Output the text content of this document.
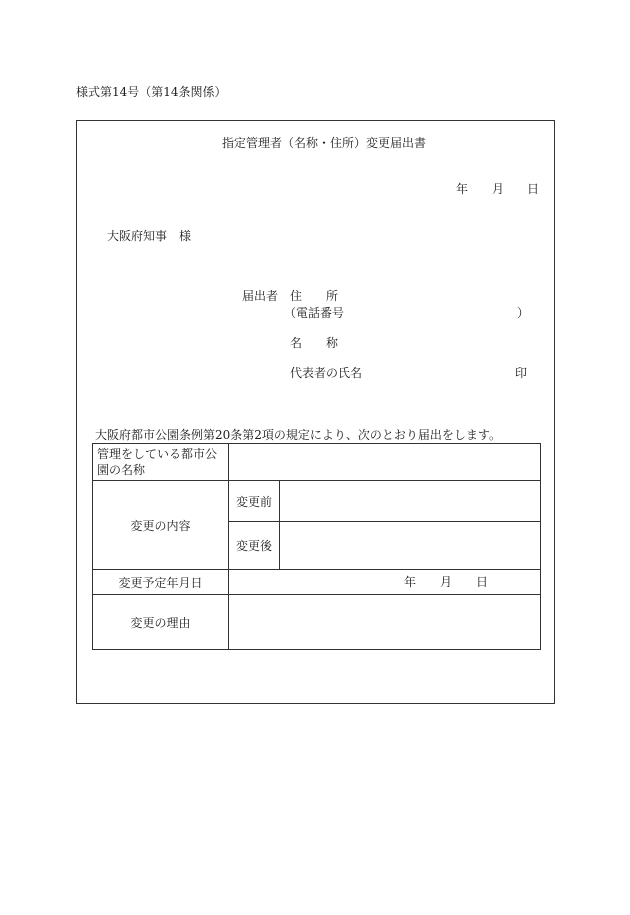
様式第14号（第14条関係）
指定管理者（名称・住所）変更届出書
年 月 日
大阪府知事　様
届出者 住　　所
（電話番号	）
名　　称
代表者の氏名	印
大阪府都市公園条例第20条第2項の規定により、次のとおり届出をします。
管理をしている都市公
園の名称		

変更の内容	変更前	
	変更後	
変更予定年月日	年 月 日	

変更の理由		
